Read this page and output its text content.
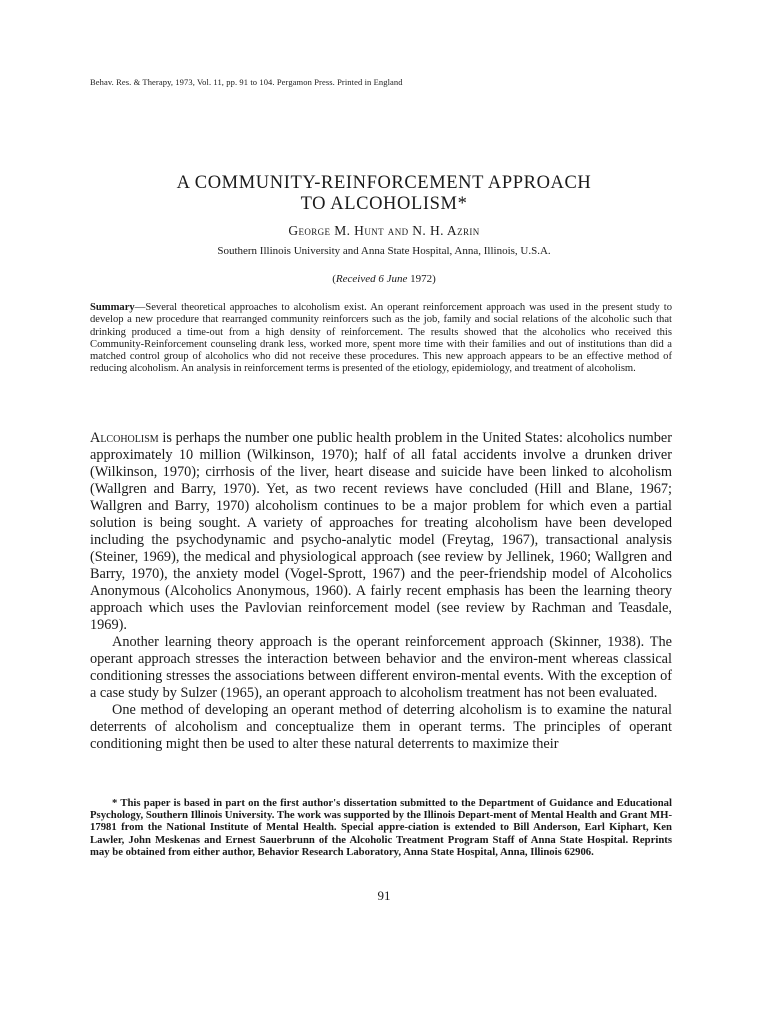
Behav. Res. & Therapy, 1973, Vol. 11, pp. 91 to 104. Pergamon Press. Printed in England
A COMMUNITY-REINFORCEMENT APPROACH
TO ALCOHOLISM*
George M. Hunt and N. H. Azrin
Southern Illinois University and Anna State Hospital, Anna, Illinois, U.S.A.
(Received 6 June 1972)
Summary—Several theoretical approaches to alcoholism exist. An operant reinforcement approach was used in the present study to develop a new procedure that rearranged community reinforcers such as the job, family and social relations of the alcoholic such that drinking produced a time-out from a high density of reinforcement. The results showed that the alcoholics who received this Community-Reinforcement counseling drank less, worked more, spent more time with their families and out of institutions than did a matched control group of alcoholics who did not receive these procedures. This new approach appears to be an effective method of reducing alcoholism. An analysis in reinforcement terms is presented of the etiology, epidemiology, and treatment of alcoholism.

Alcoholism is perhaps the number one public health problem in the United States: alcoholics number approximately 10 million (Wilkinson, 1970); half of all fatal accidents involve a drunken driver (Wilkinson, 1970); cirrhosis of the liver, heart disease and suicide have been linked to alcoholism (Wallgren and Barry, 1970). Yet, as two recent reviews have concluded (Hill and Blane, 1967; Wallgren and Barry, 1970) alcoholism continues to be a major problem for which even a partial solution is being sought. A variety of approaches for treating alcoholism have been developed including the psychodynamic and psycho-analytic model (Freytag, 1967), transactional analysis (Steiner, 1969), the medical and physiological approach (see review by Jellinek, 1960; Wallgren and Barry, 1970), the anxiety model (Vogel-Sprott, 1967) and the peer-friendship model of Alcoholics Anonymous (Alcoholics Anonymous, 1960). A fairly recent emphasis has been the learning theory approach which uses the Pavlovian reinforcement model (see review by Rachman and Teasdale, 1969).

Another learning theory approach is the operant reinforcement approach (Skinner, 1938). The operant approach stresses the interaction between behavior and the environ-ment whereas classical conditioning stresses the associations between different environ-mental events. With the exception of a case study by Sulzer (1965), an operant approach to alcoholism treatment has not been evaluated.

One method of developing an operant method of deterring alcoholism is to examine the natural deterrents of alcoholism and conceptualize them in operant terms. The principles of operant conditioning might then be used to alter these natural deterrents to maximize their

* This paper is based in part on the first author's dissertation submitted to the Department of Guidance and Educational Psychology, Southern Illinois University. The work was supported by the Illinois Depart-ment of Mental Health and Grant MH-17981 from the National Institute of Mental Health. Special appre-ciation is extended to Bill Anderson, Earl Kiphart, Ken Lawler, John Meskenas and Ernest Sauerbrunn of the Alcoholic Treatment Program Staff of Anna State Hospital. Reprints may be obtained from either author, Behavior Research Laboratory, Anna State Hospital, Anna, Illinois 62906.
91
